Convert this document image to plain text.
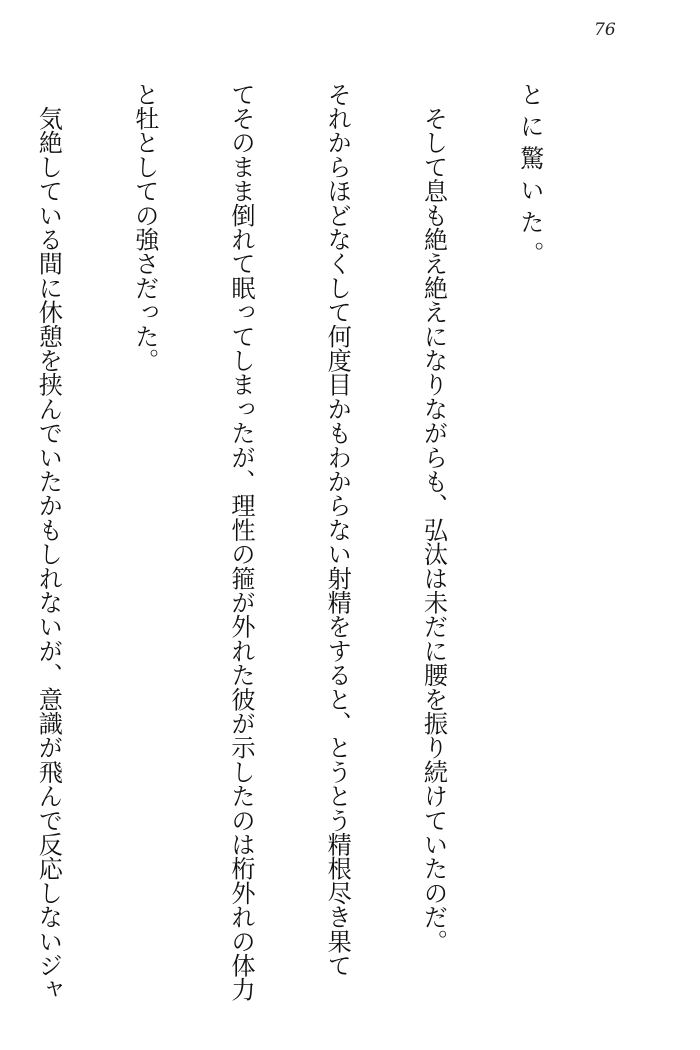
76

と に 驚 い た 。

　そして息も絶え絶えになりながらも、弘汰は未だに腰を振り続けていたのだ。

それからほどなくして何度目かもわからない射精をすると、とうとう精根尽き果て

てそのまま倒れて眠ってしまったが、理性の箍が外れた彼が示したのは桁外れの体力

と牡としての強さだった。

　気絶している間に休憩を挟んでいたかもしれないが、意識が飛んで反応しないジャ
